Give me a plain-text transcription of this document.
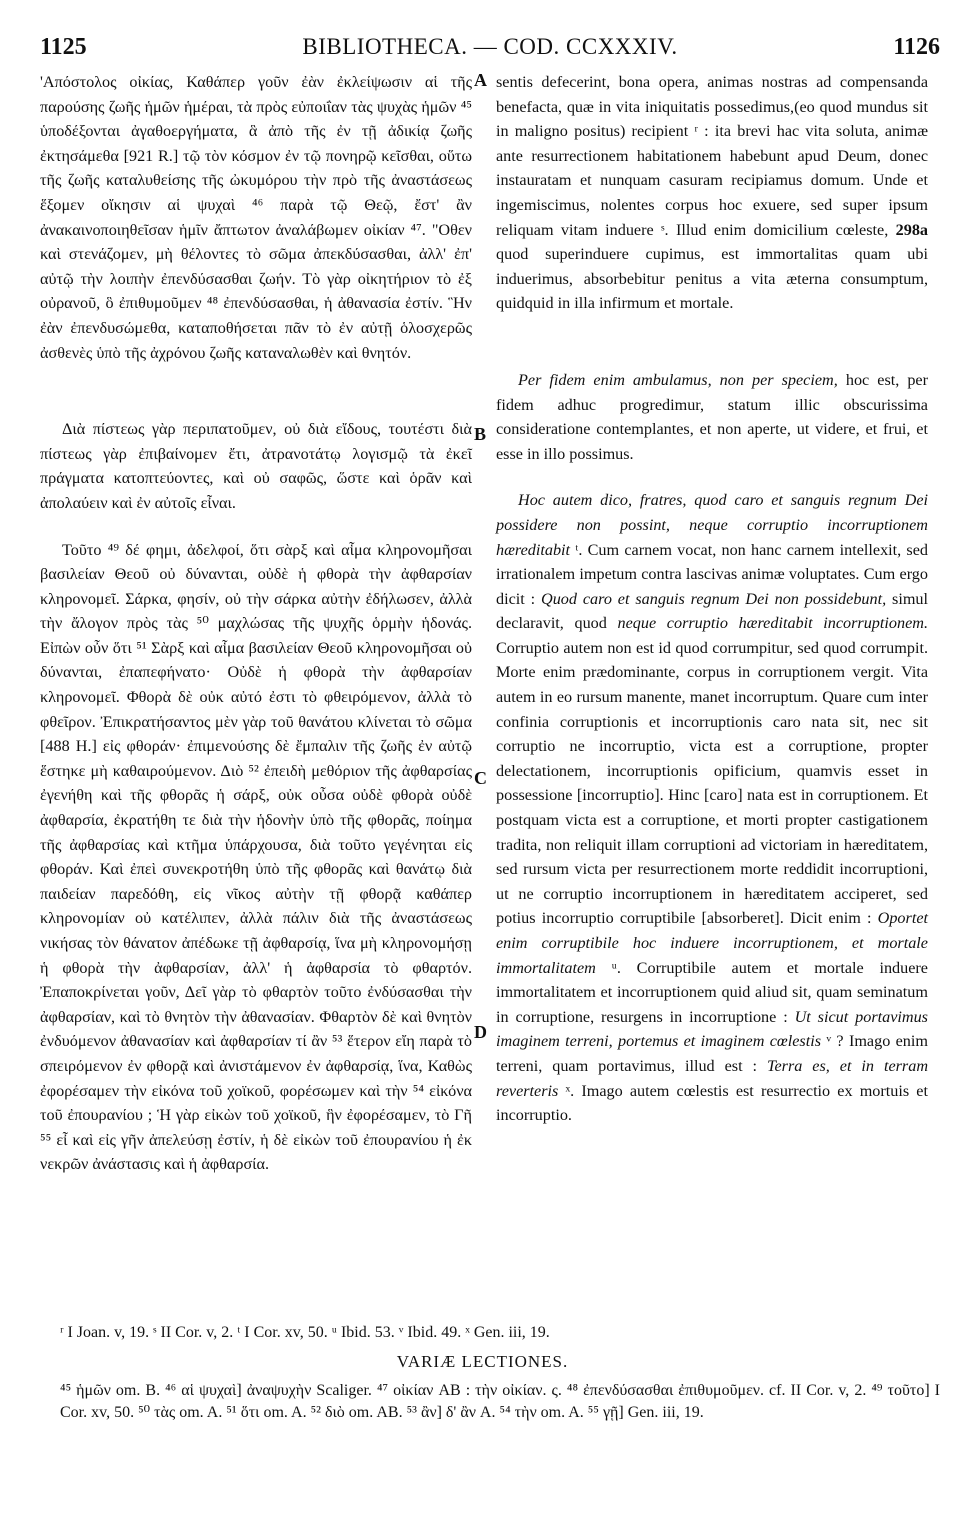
1125	BIBLIOTHECA. — COD. CCXXXIV.	1126

'Απόστολος οἰκίας, Καθάπερ γοῦν ἐὰν ἐκλείψωσιν αἱ τῆς παρούσης ζωῆς ἡμῶν ἡμέραι, τὰ πρὸς εὐποιΐαν τὰς ψυχὰς ἡμῶν ⁴⁵ ὑποδέξονται ἀγαθοεργήματα, ἃ ἀπὸ τῆς ἐν τῇ ἀδικίᾳ ζωῆς ἐκτησάμεθα [921 R.] τῷ τὸν κόσμον ἐν τῷ πονηρῷ κεῖσθαι, οὕτω τῆς ζωῆς καταλυθείσης τῆς ὠκυμόρου τὴν πρὸ τῆς ἀναστάσεως ἕξομεν οἴκησιν αἱ ψυχαὶ ⁴⁶ παρὰ τῷ Θεῷ, ἔστ' ἂν ἀνακαινοποιηθεῖσαν ἡμῖν ἄπτωτον ἀναλάβωμεν οἰκίαν ⁴⁷. "Οθεν καὶ στενάζομεν, μὴ θέλοντες τὸ σῶμα ἀπεκδύσασθαι, ἀλλ' ἐπ' αὐτῷ τὴν λοιπὴν ἐπενδύσασθαι ζωήν. Τὸ γὰρ οἰκητήριον τὸ ἐξ οὐρανοῦ, ὃ ἐπιθυμοῦμεν ⁴⁸ ἐπενδύσασθαι, ἡ ἀθανασία ἐστίν. Ἣν ἐὰν ἐπενδυσώμεθα, καταποθήσεται πᾶν τὸ ἐν αὐτῇ ὁλοσχερῶς ἀσθενὲς ὑπὸ τῆς ἀχρόνου ζωῆς καταναλωθὲν καὶ θνητόν.

Διὰ πίστεως γὰρ περιπατοῦμεν, οὐ διὰ εἴδους, τουτέστι διὰ πίστεως γὰρ ἐπιβαίνομεν ἔτι, ἀτρανοτάτῳ λογισμῷ τὰ ἐκεῖ πράγματα κατοπτεύοντες, καὶ οὐ σαφῶς, ὥστε καὶ ὁρᾶν καὶ ἀπολαύειν καὶ ἐν αὐτοῖς εἶναι.

Τοῦτο ⁴⁹ δέ φημι, ἀδελφοί, ὅτι σὰρξ καὶ αἷμα κληρονομῆσαι βασιλείαν Θεοῦ οὐ δύνανται, οὐδὲ ἡ φθορὰ τὴν ἀφθαρσίαν κληρονομεῖ. Σάρκα, φησίν, οὐ τὴν σάρκα αὐτὴν ἐδήλωσεν, ἀλλὰ τὴν ἄλογον πρὸς τὰς ⁵⁰ μαχλώσας τῆς ψυχῆς ὁρμὴν ἡδονάς. Εἰπὼν οὖν ὅτι ⁵¹ Σὰρξ καὶ αἷμα βασιλείαν Θεοῦ κληρονομῆσαι οὐ δύνανται, ἐπαπεφήνατο· Οὐδὲ ἡ φθορὰ τὴν ἀφθαρσίαν κληρονομεῖ. Φθορὰ δὲ οὐκ αὐτό ἐστι τὸ φθειρόμενον, ἀλλὰ τὸ φθεῖρον. Ἐπικρατήσαντος μὲν γὰρ τοῦ θανάτου κλίνεται τὸ σῶμα [488 H.] εἰς φθοράν· ἐπιμενούσης δὲ ἔμπαλιν τῆς ζωῆς ἐν αὐτῷ ἕστηκε μὴ καθαιρούμενον. Διὸ ⁵² ἐπειδὴ μεθόριον τῆς ἀφθαρσίας ἐγενήθη καὶ τῆς φθορᾶς ἡ σάρξ, οὐκ οὖσα οὐδὲ φθορὰ οὐδὲ ἀφθαρσία, ἐκρατήθη τε διὰ τὴν ἡδονὴν ὑπὸ τῆς φθορᾶς, ποίημα τῆς ἀφθαρσίας καὶ κτῆμα ὑπάρχουσα, διὰ τοῦτο γεγένηται εἰς φθοράν. Καὶ ἐπεὶ συνεκροτήθη ὑπὸ τῆς φθορᾶς καὶ θανάτῳ διὰ παιδείαν παρεδόθη, εἰς νῖκος αὐτὴν τῇ φθορᾷ καθάπερ κληρονομίαν οὐ κατέλιπεν, ἀλλὰ πάλιν διὰ τῆς ἀναστάσεως νικήσας τὸν θάνατον ἀπέδωκε τῇ ἀφθαρσίᾳ, ἵνα μὴ κληρονομήσῃ ἡ φθορὰ τὴν ἀφθαρσίαν, ἀλλ' ἡ ἀφθαρσία τὸ φθαρτόν. Ἐπαποκρίνεται γοῦν, Δεῖ γὰρ τὸ φθαρτὸν τοῦτο ἐνδύσασθαι τὴν ἀφθαρσίαν, καὶ τὸ θνητὸν τὴν ἀθανασίαν. Φθαρτὸν δὲ καὶ θνητὸν ἐνδυόμενον ἀθανασίαν καὶ ἀφθαρσίαν τί ἂν ⁵³ ἕτερον εἴη παρὰ τὸ σπειρόμενον ἐν φθορᾷ καὶ ἀνιστάμενον ἐν ἀφθαρσίᾳ, ἵνα, Καθὼς ἐφορέσαμεν τὴν εἰκόνα τοῦ χοϊκοῦ, φορέσωμεν καὶ τὴν ⁵⁴ εἰκόνα τοῦ ἐπουρανίου ; Ἡ γὰρ εἰκὼν τοῦ χοϊκοῦ, ἣν ἐφορέσαμεν, τὸ Γῆ ⁵⁵ εἶ καὶ εἰς γῆν ἀπελεύσῃ ἐστίν, ἡ δὲ εἰκὼν τοῦ ἐπουρανίου ἡ ἐκ νεκρῶν ἀνάστασις καὶ ἡ ἀφθαρσία.

A
B
C
D

sentis defecerint, bona opera, animas nostras ad compensanda benefacta, quæ in vita iniquitatis possedimus,(eo quod mundus sit in maligno positus) recipient ʳ : ita brevi hac vita soluta, animæ ante resurrectionem habitationem habebunt apud Deum, donec instauratam et nunquam casuram recipiamus domum. Unde et ingemiscimus, nolentes corpus hoc exuere, sed super ipsum reliquam vitam induere ˢ. Illud enim domicilium cœleste, 298a quod superinduere cupimus, est immortalitas quam ubi induerimus, absorbebitur penitus a vita æterna consumptum, quidquid in illa infirmum et mortale.

Per fidem enim ambulamus, non per speciem, hoc est, per fidem adhuc progredimur, statum illic obscurissima consideratione contemplantes, et non aperte, ut videre, et frui, et esse in illo possimus.

Hoc autem dico, fratres, quod caro et sanguis regnum Dei possidere non possint, neque corruptio incorruptionem hæreditabit ᵗ. Cum carnem vocat, non hanc carnem intellexit, sed irrationalem impetum contra lascivas animæ voluptates. Cum ergo dicit : Quod caro et sanguis regnum Dei non possidebunt, simul declaravit, quod neque corruptio hæreditabit incorruptionem. Corruptio autem non est id quod corrumpitur, sed quod corrumpit. Morte enim prædominante, corpus in corruptionem vergit. Vita autem in eo rursum manente, manet incorruptum. Quare cum inter confinia corruptionis et incorruptionis caro nata sit, nec sit corruptio ne incorruptio, victa est a corruptione, propter delectationem, incorruptionis opificium, quamvis esset in possessione [incorruptio]. Hinc [caro] nata est in corruptionem. Et postquam victa est a corruptione, et morti propter castigationem tradita, non reliquit illam corruptioni ad victoriam in hæreditatem, sed rursum victa per resurrectionem morte reddidit incorruptioni, ut ne corruptio incorruptionem in hæreditatem acciperet, sed potius incorruptio corruptibile [absorberet]. Dicit enim : Oportet enim corruptibile hoc induere incorruptionem, et mortale immortalitatem ᵘ. Corruptibile autem et mortale induere immortalitatem et incorruptionem quid aliud sit, quam seminatum in corruptione, resurgens in incorruptione : Ut sicut portavimus imaginem terreni, portemus et imaginem cœlestis ᵛ ? Imago enim terreni, quam portavimus, illud est : Terra es, et in terram reverteris ˣ. Imago autem cœlestis est resurrectio ex mortuis et incorruptio.

ʳ I Joan. v, 19. ˢ II Cor. v, 2. ᵗ I Cor. xv, 50. ᵘ Ibid. 53. ᵛ Ibid. 49. ˣ Gen. iii, 19.
VARIÆ LECTIONES.
⁴⁵ ἡμῶν om. B. ⁴⁶ αἱ ψυχαὶ] ἀναψυχὴν Scaliger. ⁴⁷ οἰκίαν AB : τὴν οἰκίαν. ς. ⁴⁸ ἐπενδύσασθαι ἐπιθυμοῦμεν. cf. II Cor. v, 2. ⁴⁹ τοῦτο] I Cor. xv, 50. ⁵⁰ τὰς om. A. ⁵¹ ὅτι om. A. ⁵² διὸ om. AB. ⁵³ ἂν] δ' ἂν A. ⁵⁴ τὴν om. A. ⁵⁵ γῇ] Gen. iii, 19.
